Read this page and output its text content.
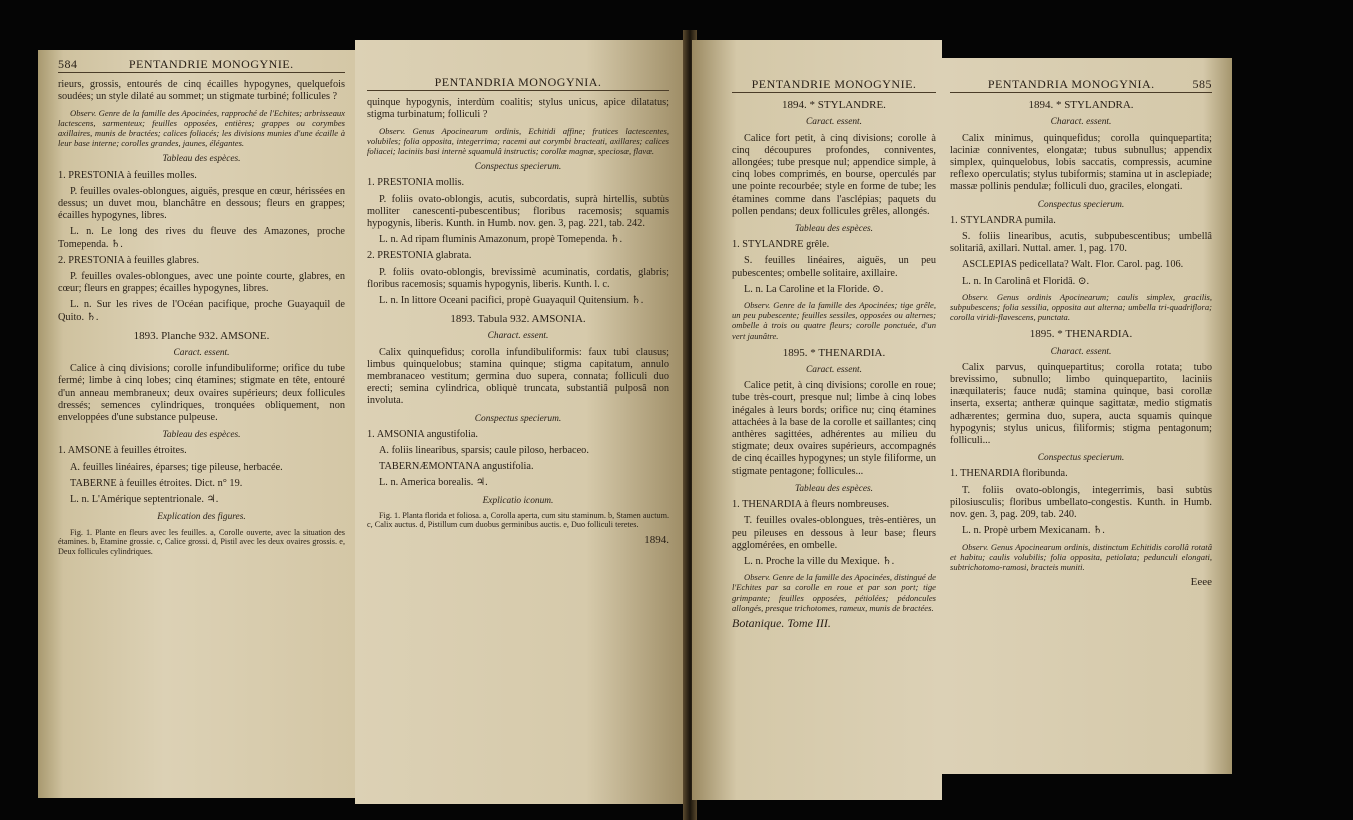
584	PENTANDRIE MONOGYNIE.

rieurs, grossis, entourés de cinq écailles hypogynes, quelquefois soudées; un style dilaté au sommet; un stigmate turbiné; follicules ?

Observ. Genre de la famille des Apocinées, rapproché de l'Echites; arbrisseaux lactescens, sarmenteux; feuilles opposées, entières; grappes ou corymbes axillaires, munis de bractées; calices foliacés; les divisions munies d'une écaille à leur base interne; corolles grandes, jaunes, élégantes.

Tableau des espèces.

1. PRESTONIA à feuilles molles.

P. feuilles ovales-oblongues, aiguës, presque en cœur, hérissées en dessus; un duvet mou, blanchâtre en dessous; fleurs en grappes; écailles hypogynes, libres.

L. n. Le long des rives du fleuve des Amazones, proche Tomependa. ♄.

2. PRESTONIA à feuilles glabres.

P. feuilles ovales-oblongues, avec une pointe courte, glabres, en cœur; fleurs en grappes; écailles hypogynes, libres.

L. n. Sur les rives de l'Océan pacifique, proche Guayaquil de Quito. ♄.

1893. Planche 932. AMSONE.
Caract. essent.

Calice à cinq divisions; corolle infundibuliforme; orifice du tube fermé; limbe à cinq lobes; cinq étamines; stigmate en tête, entouré d'un anneau membraneux; deux ovaires supérieurs; deux follicules dressés; semences cylindriques, tronquées obliquement, non enveloppées d'une substance pulpeuse.

Tableau des espèces.

1. AMSONE à feuilles étroites.

A. feuilles linéaires, éparses; tige pileuse, herbacée.

TABERNE à feuilles étroites. Dict. n° 19.

L. n. L'Amérique septentrionale. ♃.

Explication des figures.

Fig. 1. Plante en fleurs avec les feuilles. a, Corolle ouverte, avec la situation des étamines. b, Etamine grossie. c, Calice grossi. d, Pistil avec les deux ovaires grossis. e, Deux follicules cylindriques.

PENTANDRIA MONOGYNIA.

quinque hypogynis, interdùm coalitis; stylus unicus, apice dilatatus; stigma turbinatum; folliculi ?

Observ. Genus Apocinearum ordinis, Echitidi affine; frutices lactescentes, volubiles; folia opposita, integerrima; racemi aut corymbi bracteati, axillares; calices foliacei; laciniis basi internè squamulâ instructis; corollæ magnæ, speciosæ, flavæ.

Conspectus specierum.

1. PRESTONIA mollis.

P. foliis ovato-oblongis, acutis, subcordatis, suprà hirtellis, subtùs molliter canescenti-pubescentibus; floribus racemosis; squamis hypogynis, liberis. Kunth. in Humb. nov. gen. 3, pag. 221, tab. 242.

L. n. Ad ripam fluminis Amazonum, propè Tomependa. ♄.

2. PRESTONIA glabrata.

P. foliis ovato-oblongis, brevissimè acuminatis, cordatis, glabris; floribus racemosis; squamis hypogynis, liberis. Kunth. l. c.

L. n. In littore Oceani pacifici, propè Guayaquil Quitensium. ♄.

1893. Tabula 932. AMSONIA.
Charact. essent.

Calix quinquefidus; corolla infundibuliformis: faux tubi clausus; limbus quinquelobus; stamina quinque; stigma capitatum, annulo membranaceo vestitum; germina duo supera, connata; folliculi duo erecti; semina cylindrica, obliquè truncata, substantiâ pulposâ non involuta.

Conspectus specierum.

1. AMSONIA angustifolia.

A. foliis linearibus, sparsis; caule piloso, herbaceo.

TABERNÆMONTANA angustifolia.

L. n. America borealis. ♃.

Explicatio iconum.

Fig. 1. Planta florida et foliosa. a, Corolla aperta, cum situ staminum. b, Stamen auctum. c, Calix auctus. d, Pistillum cum duobus germinibus auctis. e, Duo folliculi teretes.

1894.
PENTANDRIE MONOGYNIE.
1894. * STYLANDRE.
Caract. essent.

Calice fort petit, à cinq divisions; corolle à cinq découpures profondes, conniventes, allongées; tube presque nul; appendice simple, à cinq lobes comprimés, en bourse, operculés par une pointe recourbée; style en forme de tube; les étamines comme dans l'asclépias; paquets du pollen pendans; deux follicules grêles, allongés.

Tableau des espèces.

1. STYLANDRE grêle.

S. feuilles linéaires, aiguës, un peu pubescentes; ombelle solitaire, axillaire.

L. n. La Caroline et la Floride. ⊙.

Observ. Genre de la famille des Apocinées; tige grêle, un peu pubescente; feuilles sessiles, opposées ou alternes; ombelle à trois ou quatre fleurs; corolle ponctuée, d'un vert jaunâtre.

1895. * THENARDIA.
Caract. essent.

Calice petit, à cinq divisions; corolle en roue; tube très-court, presque nul; limbe à cinq lobes inégales à leurs bords; orifice nu; cinq étamines attachées à la base de la corolle et saillantes; cinq anthères sagittées, adhérentes au milieu du stigmate; deux ovaires supérieurs, accompagnés de cinq écailles hypogynes; un style filiforme, un stigmate pentagone; follicules...

Tableau des espèces.

1. THENARDIA à fleurs nombreuses.

T. feuilles ovales-oblongues, très-entières, un peu pileuses en dessous à leur base; fleurs agglomérées, en ombelle.

L. n. Proche la ville du Mexique. ♄.

Observ. Genre de la famille des Apocinées, distingué de l'Echites par sa corolle en roue et par son port; tige grimpante; feuilles opposées, pétiolées; pédoncules allongés, presque trichotomes, rameux, munis de bractées.

Botanique. Tome III.
PENTANDRIA MONOGYNIA.	585
1894. * STYLANDRA.
Charact. essent.

Calix minimus, quinquefidus; corolla quinquepartita; laciniæ conniventes, elongatæ; tubus subnullus; appendix simplex, quinquelobus, lobis saccatis, compressis, acumine reflexo operculatis; stylus tubiformis; stamina ut in asclepiade; massæ pollinis pendulæ; folliculi duo, graciles, elongati.

Conspectus specierum.

1. STYLANDRA pumila.

S. foliis linearibus, acutis, subpubescentibus; umbellâ solitariâ, axillari. Nuttal. amer. 1, pag. 170.

ASCLEPIAS pedicellata? Walt. Flor. Carol. pag. 106.

L. n. In Carolinâ et Floridâ. ⊙.

Observ. Genus ordinis Apocinearum; caulis simplex, gracilis, subpubescens; folia sessilia, opposita aut alterna; umbella tri-quadriflora; corolla viridi-flavescens, punctata.

1895. * THENARDIA.
Charact. essent.

Calix parvus, quinquepartitus; corolla rotata; tubo brevissimo, subnullo; limbo quinquepartito, laciniis inæquilateris; fauce nudâ; stamina quinque, basi corollæ inserta, exserta; antheræ quinque sagittatæ, medio stigmatis adhærentes; germina duo, supera, aucta squamis quinque hypogynis; stylus unicus, filiformis; stigma pentagonum; folliculi...

Conspectus specierum.

1. THENARDIA floribunda.

T. foliis ovato-oblongis, integerrimis, basi subtùs pilosiusculis; floribus umbellato-congestis. Kunth. in Humb. nov. gen. 3, pag. 209, tab. 240.

L. n. Propè urbem Mexicanam. ♄.

Observ. Genus Apocinearum ordinis, distinctum Echitidis corollâ rotatâ et habitu; caulis volubilis; folia opposita, petiolata; pedunculi elongati, subtrichotomo-ramosi, bracteis muniti.

Eeee
